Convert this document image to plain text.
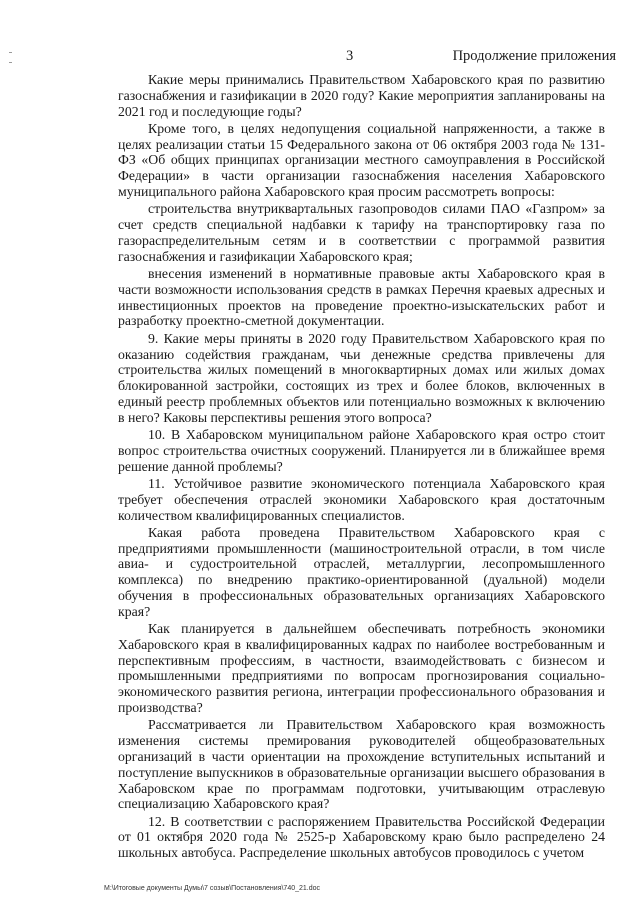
3	Продолжение приложения

Какие меры принимались Правительством Хабаровского края по развитию газоснабжения и газификации в 2020 году? Какие мероприятия запланированы на 2021 год и последующие годы?

Кроме того, в целях недопущения социальной напряженности, а также в целях реализации статьи 15 Федерального закона от 06 октября 2003 года № 131-ФЗ «Об общих принципах организации местного самоуправления в Российской Федерации» в части организации газоснабжения населения Хабаровского муниципального района Хабаровского края просим рассмотреть вопросы:

строительства внутриквартальных газопроводов силами ПАО «Газпром» за счет средств специальной надбавки к тарифу на транспортировку газа по газораспределительным сетям и в соответствии с программой развития газоснабжения и газификации Хабаровского края;

внесения изменений в нормативные правовые акты Хабаровского края в части возможности использования средств в рамках Перечня краевых адресных и инвестиционных проектов на проведение проектно-изыскательских работ и разработку проектно-сметной документации.

9. Какие меры приняты в 2020 году Правительством Хабаровского края по оказанию содействия гражданам, чьи денежные средства привлечены для строительства жилых помещений в многоквартирных домах или жилых домах блокированной застройки, состоящих из трех и более блоков, включенных в единый реестр проблемных объектов или потенциально возможных к включению в него? Каковы перспективы решения этого вопроса?

10. В Хабаровском муниципальном районе Хабаровского края остро стоит вопрос строительства очистных сооружений. Планируется ли в ближайшее время решение данной проблемы?

11. Устойчивое развитие экономического потенциала Хабаровского края требует обеспечения отраслей экономики Хабаровского края достаточным количеством квалифицированных специалистов.

Какая работа проведена Правительством Хабаровского края с предприятиями промышленности (машиностроительной отрасли, в том числе авиа- и судостроительной отраслей, металлургии, лесопромышленного комплекса) по внедрению практико-ориентированной (дуальной) модели обучения в профессиональных образовательных организациях Хабаровского края?

Как планируется в дальнейшем обеспечивать потребность экономики Хабаровского края в квалифицированных кадрах по наиболее востребованным и перспективным профессиям, в частности, взаимодействовать с бизнесом и промышленными предприятиями по вопросам прогнозирования социально-экономического развития региона, интеграции профессионального образования и производства?

Рассматривается ли Правительством Хабаровского края возможность изменения системы премирования руководителей общеобразовательных организаций в части ориентации на прохождение вступительных испытаний и поступление выпускников в образовательные организации высшего образования в Хабаровском крае по программам подготовки, учитывающим отраслевую специализацию Хабаровского края?

12. В соответствии с распоряжением Правительства Российской Федерации от 01 октября 2020 года № 2525-р Хабаровскому краю было распределено 24 школьных автобуса. Распределение школьных автобусов проводилось с учетом

M:\Итоговые документы Думы\7 созыв\Постановления\740_21.doc
